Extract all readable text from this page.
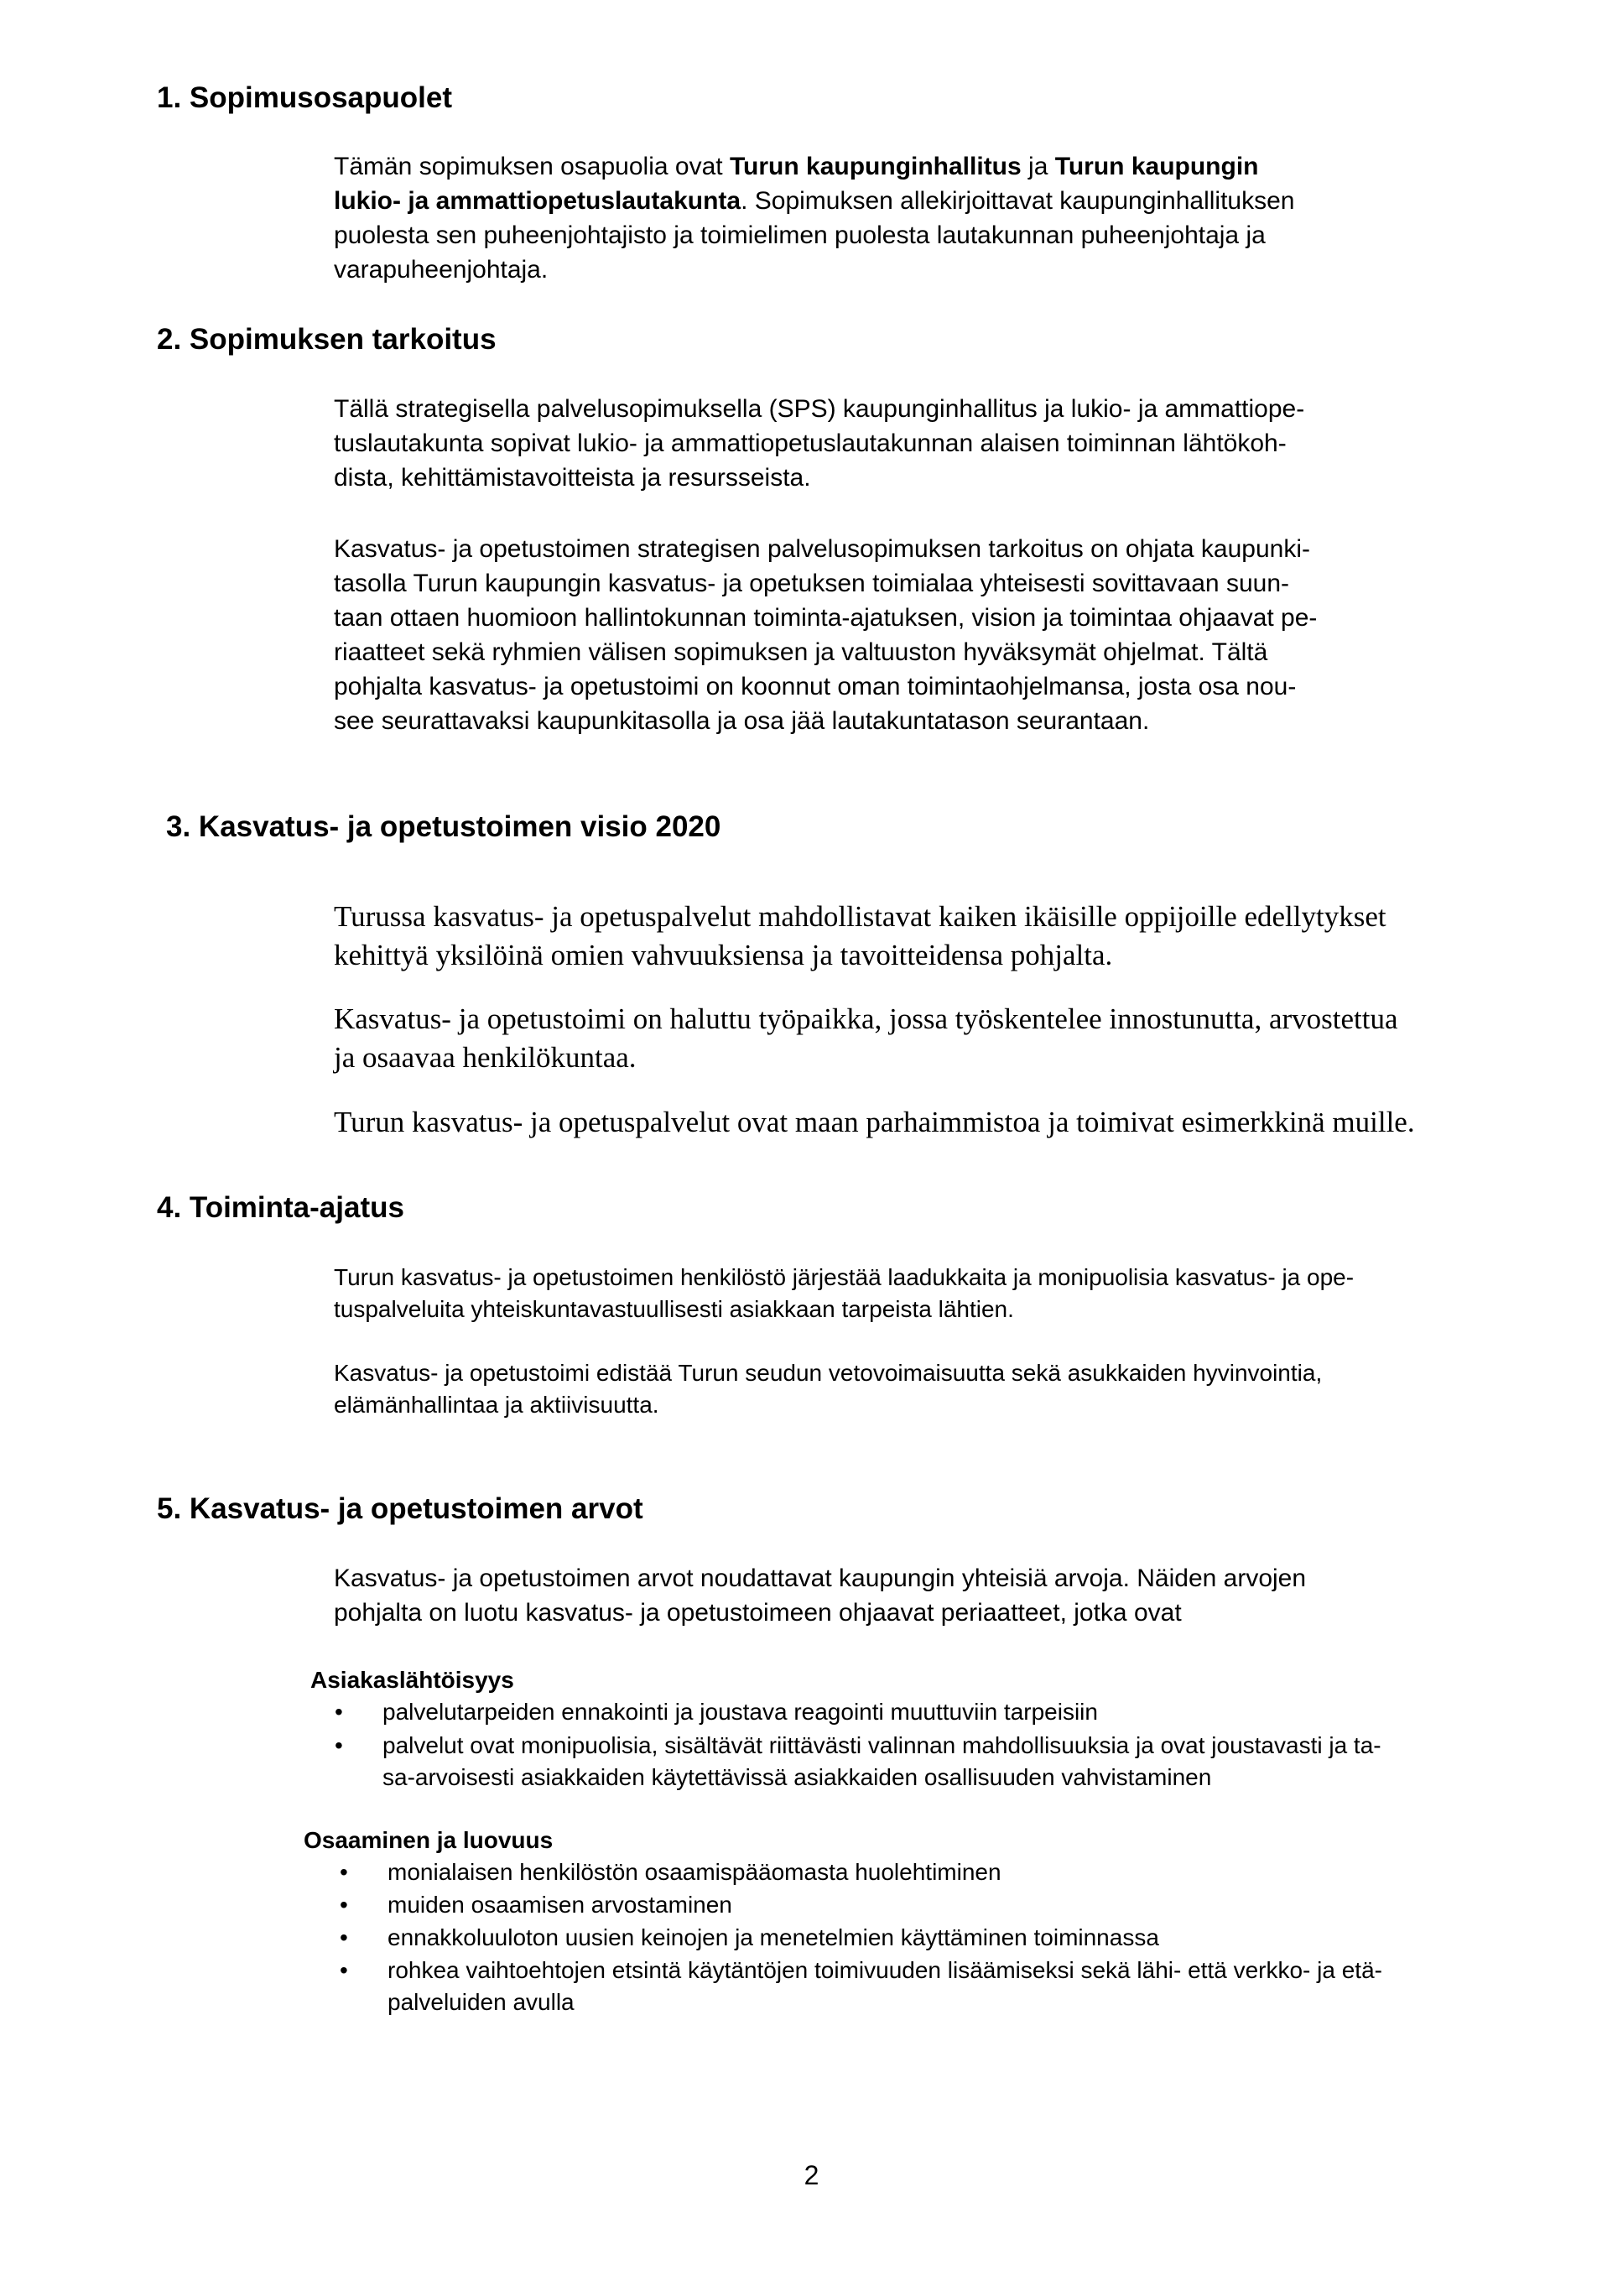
1. Sopimusosapuolet
Tämän sopimuksen osapuolia ovat Turun kaupunginhallitus ja Turun kaupungin
lukio- ja ammattiopetuslautakunta. Sopimuksen allekirjoittavat kaupunginhallituksen
puolesta sen puheenjohtajisto ja toimielimen puolesta lautakunnan puheenjohtaja ja
varapuheenjohtaja.
2. Sopimuksen tarkoitus
Tällä strategisella palvelusopimuksella (SPS) kaupunginhallitus ja lukio- ja ammattiope-
tuslautakunta sopivat lukio- ja ammattiopetuslautakunnan alaisen toiminnan lähtökoh-
dista, kehittämistavoitteista ja resursseista.
Kasvatus- ja opetustoimen strategisen palvelusopimuksen tarkoitus on ohjata kaupunki-
tasolla Turun kaupungin kasvatus- ja opetuksen toimialaa yhteisesti sovittavaan suun-
taan ottaen huomioon hallintokunnan toiminta-ajatuksen, vision ja toimintaa ohjaavat pe-
riaatteet sekä ryhmien välisen sopimuksen ja valtuuston hyväksymät ohjelmat. Tältä
pohjalta kasvatus- ja opetustoimi on koonnut oman toimintaohjelmansa, josta osa nou-
see seurattavaksi kaupunkitasolla ja osa jää lautakuntatason seurantaan.
3. Kasvatus- ja opetustoimen visio 2020
Turussa kasvatus- ja opetuspalvelut mahdollistavat kaiken ikäisille oppijoille edellytykset
kehittyä yksilöinä omien vahvuuksiensa ja tavoitteidensa pohjalta.
Kasvatus- ja opetustoimi on haluttu työpaikka, jossa työskentelee innostunutta, arvostettua
ja osaavaa henkilökuntaa.
Turun kasvatus- ja opetuspalvelut ovat maan parhaimmistoa ja toimivat esimerkkinä muille.
4. Toiminta-ajatus
Turun kasvatus- ja opetustoimen henkilöstö järjestää laadukkaita ja monipuolisia kasvatus- ja ope-
tuspalveluita yhteiskuntavastuullisesti asiakkaan tarpeista lähtien.
Kasvatus- ja opetustoimi edistää Turun seudun vetovoimaisuutta sekä asukkaiden hyvinvointia,
elämänhallintaa ja aktiivisuutta.
5. Kasvatus- ja opetustoimen arvot
Kasvatus- ja opetustoimen arvot noudattavat kaupungin yhteisiä arvoja. Näiden arvojen
pohjalta on luotu kasvatus- ja opetustoimeen ohjaavat periaatteet, jotka ovat
Asiakaslähtöisyys
• palvelutarpeiden ennakointi ja joustava reagointi muuttuviin tarpeisiin
• palvelut ovat monipuolisia, sisältävät riittävästi valinnan mahdollisuuksia ja ovat joustavasti ja ta-
sa-arvoisesti asiakkaiden käytettävissä asiakkaiden osallisuuden vahvistaminen
Osaaminen ja luovuus
• monialaisen henkilöstön osaamispääomasta huolehtiminen
• muiden osaamisen arvostaminen
• ennakkoluuloton uusien keinojen ja menetelmien käyttäminen toiminnassa
• rohkea vaihtoehtojen etsintä käytäntöjen toimivuuden lisäämiseksi sekä lähi- että verkko- ja etä-
palveluiden avulla
2
